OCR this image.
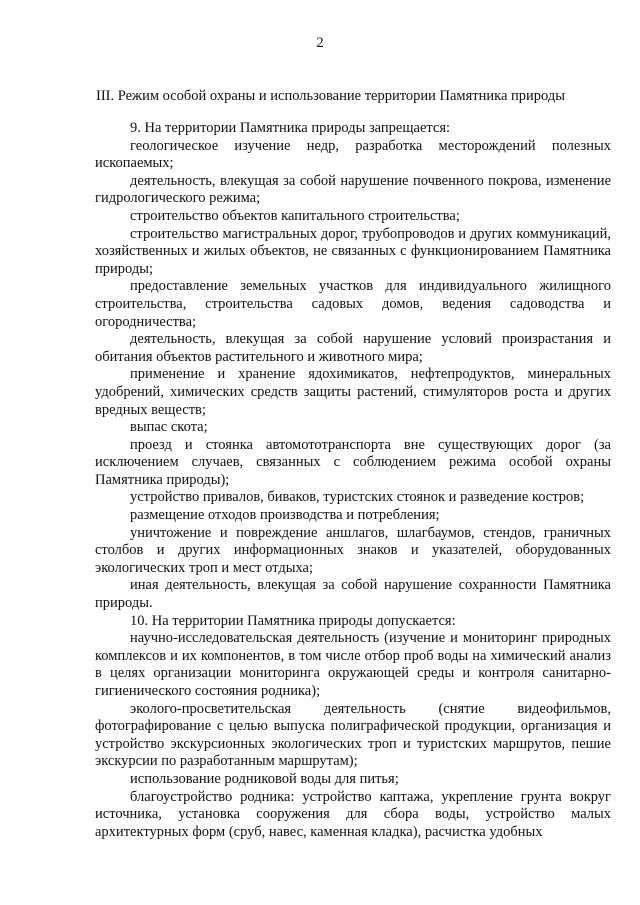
2
III. Режим особой охраны и использование территории Памятника природы

9. На территории Памятника природы запрещается:

геологическое изучение недр, разработка месторождений полезных ископаемых;

деятельность, влекущая за собой нарушение почвенного покрова, изменение гидрологического режима;

строительство объектов капитального строительства;

строительство магистральных дорог, трубопроводов и других коммуникаций, хозяйственных и жилых объектов, не связанных с функционированием Памятника природы;

предоставление земельных участков для индивидуального жилищного строительства, строительства садовых домов, ведения садоводства и огородничества;

деятельность, влекущая за собой нарушение условий произрастания и обитания объектов растительного и животного мира;

применение и хранение ядохимикатов, нефтепродуктов, минеральных удобрений, химических средств защиты растений, стимуляторов роста и других вредных веществ;

выпас скота;

проезд и стоянка автомототранспорта вне существующих дорог (за исключением случаев, связанных с соблюдением режима особой охраны Памятника природы);

устройство привалов, биваков, туристских стоянок и разведение костров;

размещение отходов производства и потребления;

уничтожение и повреждение аншлагов, шлагбаумов, стендов, граничных столбов и других информационных знаков и указателей, оборудованных экологических троп и мест отдыха;

иная деятельность, влекущая за собой нарушение сохранности Памятника природы.

10. На территории Памятника природы допускается:

научно-исследовательская деятельность (изучение и мониторинг природных комплексов и их компонентов, в том числе отбор проб воды на химический анализ в целях организации мониторинга окружающей среды и контроля санитарно-гигиенического состояния родника);

эколого-просветительская деятельность (снятие видеофильмов, фотографирование с целью выпуска полиграфической продукции, организация и устройство экскурсионных экологических троп и туристских маршрутов, пешие экскурсии по разработанным маршрутам);

использование родниковой воды для питья;

благоустройство родника: устройство каптажа, укрепление грунта вокруг источника, установка сооружения для сбора воды, устройство малых архитектурных форм (сруб, навес, каменная кладка), расчистка удобных
